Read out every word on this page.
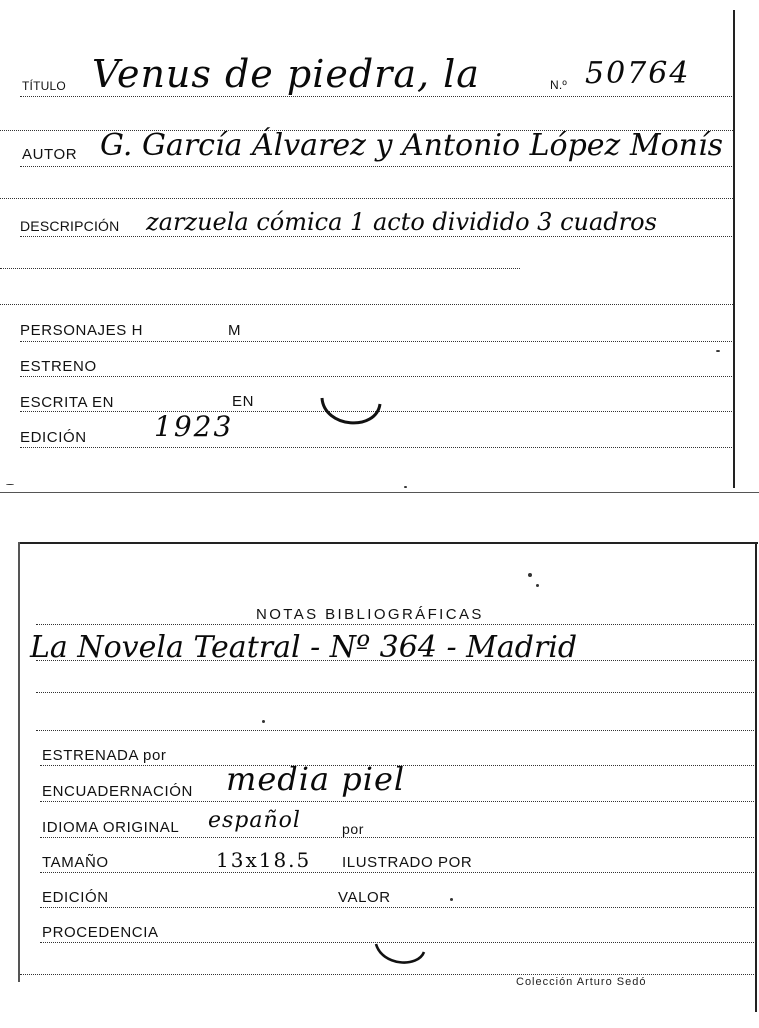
TÍTULO Venus de piedra, la	N.º 50764
AUTOR G. García Álvarez y Antonio López Monís
DESCRIPCIÓN zarzuela cómica 1 acto dividido 3 cuadros
PERSONAJES H	M
ESTRENO
ESCRITA EN	EN
EDICIÓN 1923
NOTAS BIBLIOGRÁFICAS
La Novela Teatral - Nº 364 - Madrid
ESTRENADA por
ENCUADERNACIÓN media piel
IDIOMA ORIGINAL español	por
TAMAÑO	13x18.5 ILUSTRADO POR
EDICIÓN	VALOR
PROCEDENCIA
Colección Arturo Sedó
